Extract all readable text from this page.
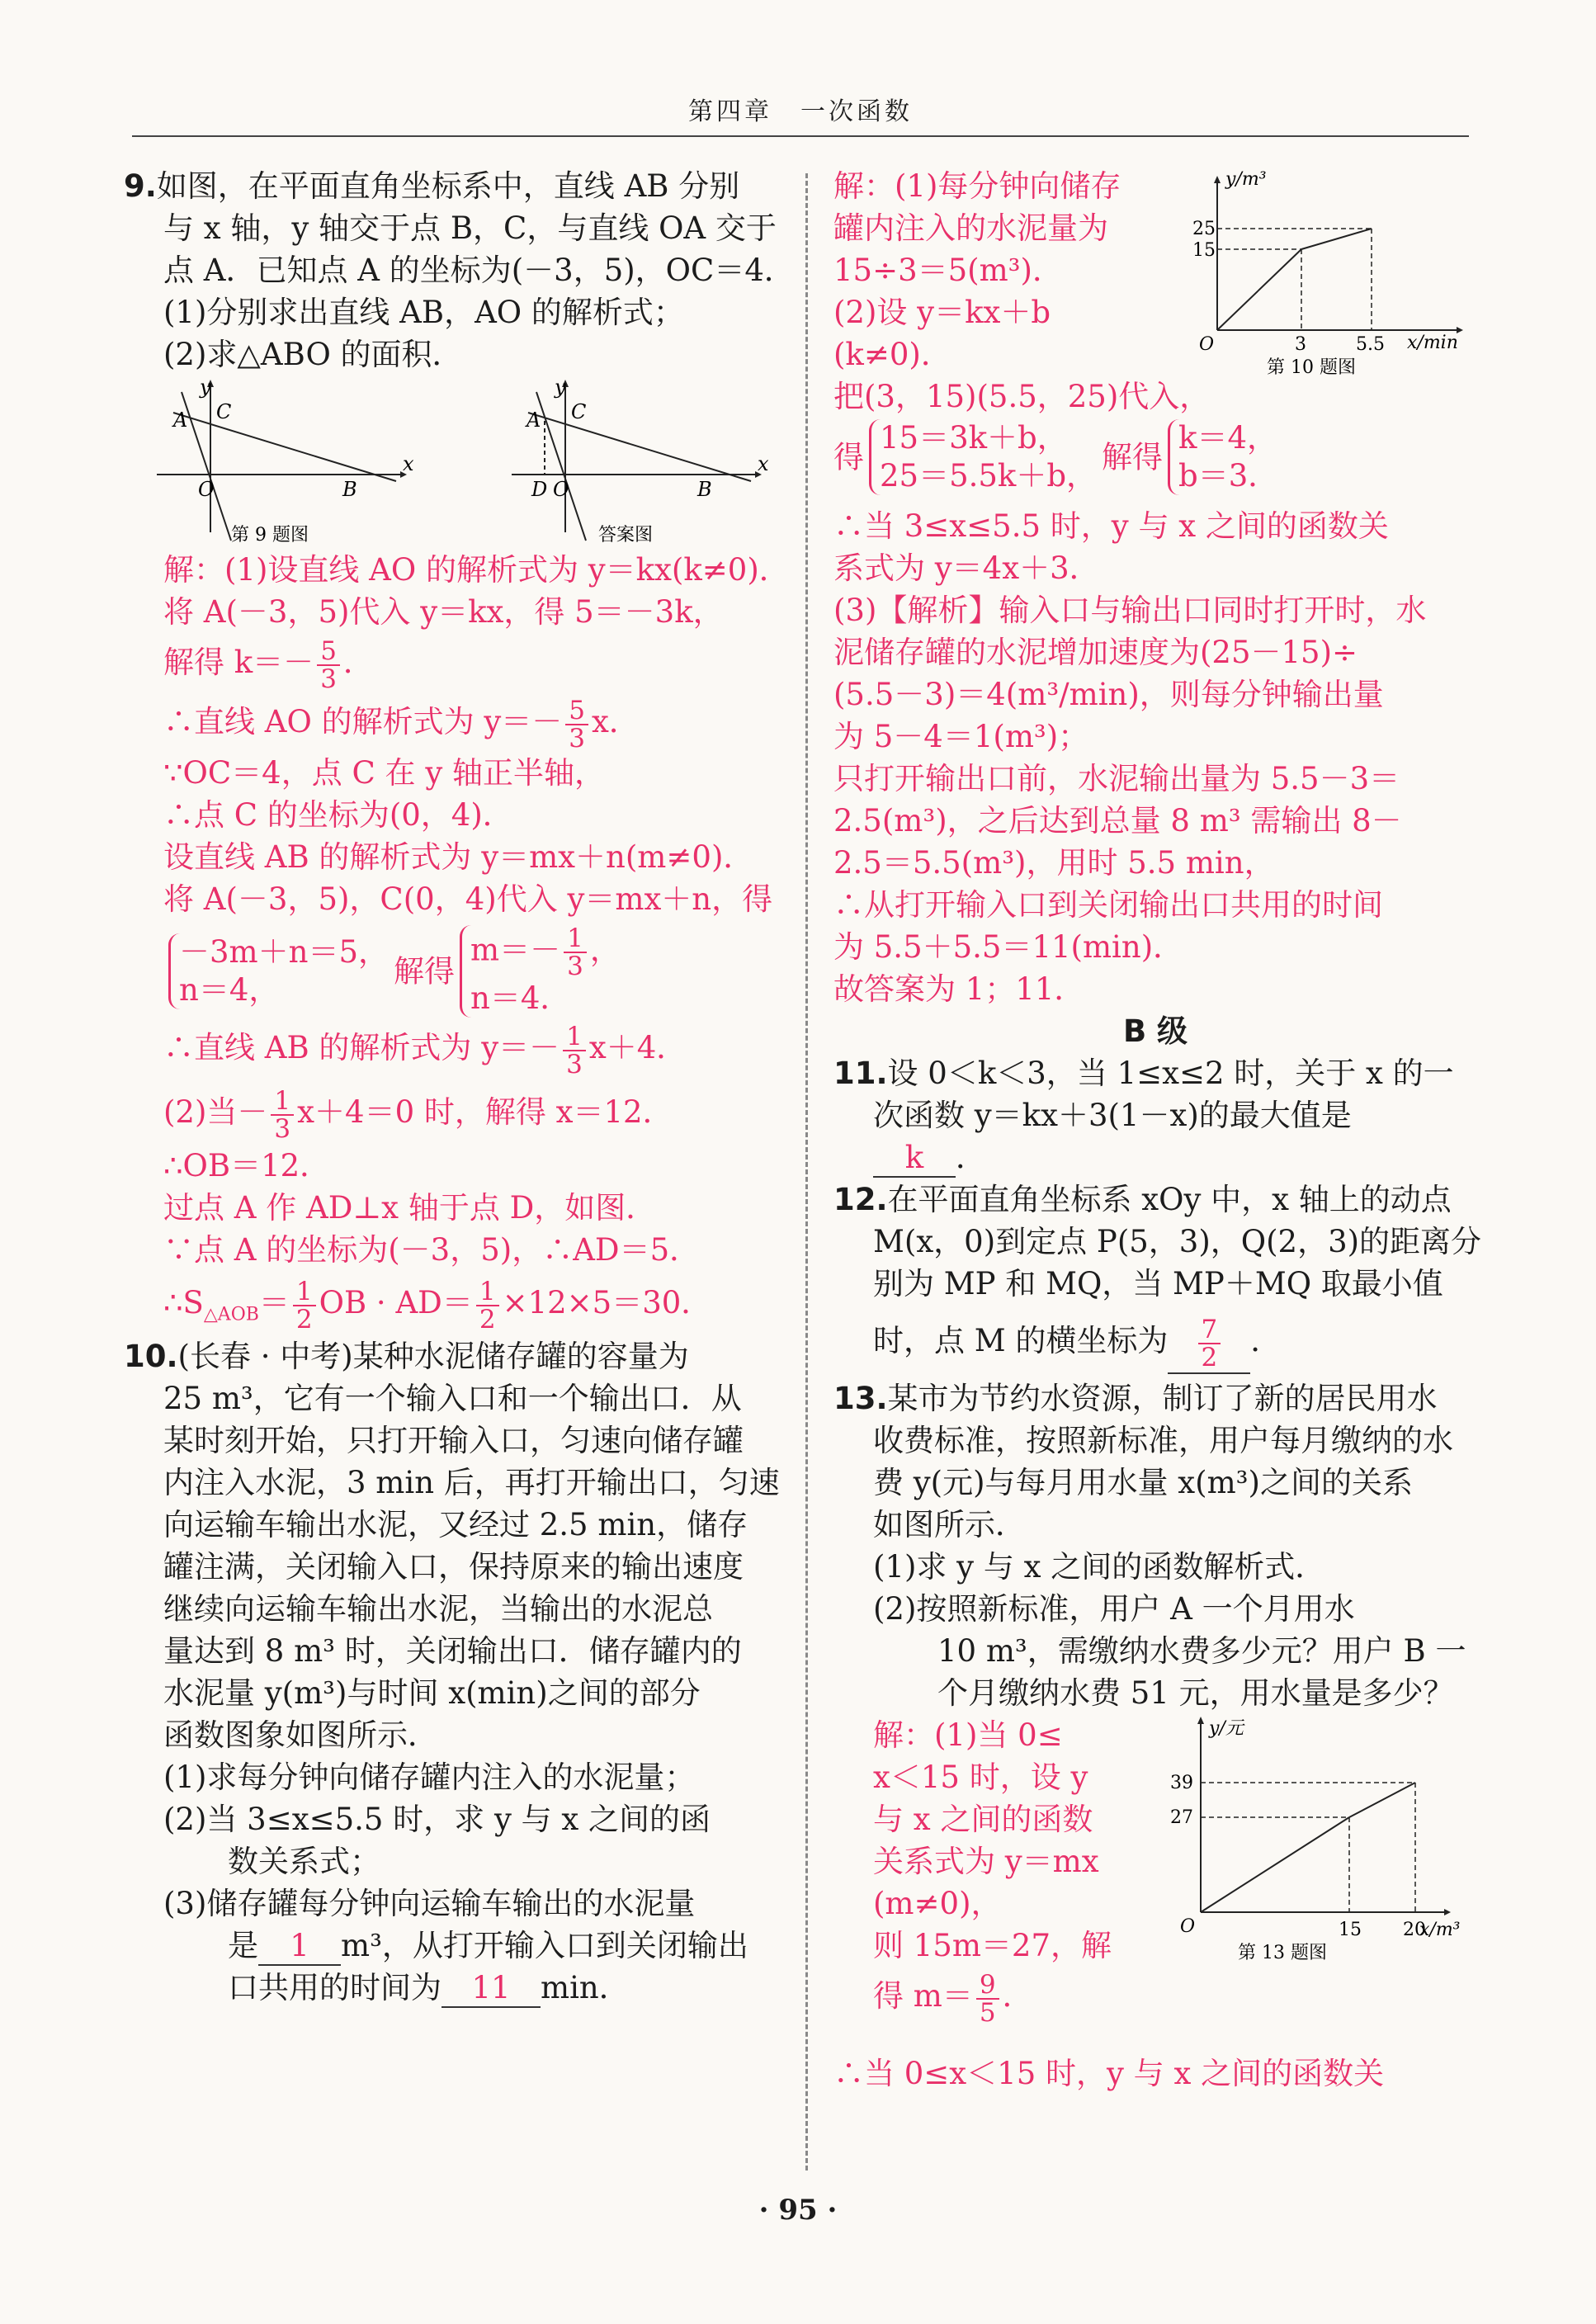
第四章　一次函数
9.如图，在平面直角坐标系中，直线 AB 分别
与 x 轴，y 轴交于点 B，C，与直线 OA 交于
点 A．已知点 A 的坐标为(－3，5)，OC＝4．
(1)分别求出直线 AB，AO 的解析式；
(2)求△ABO 的面积．
y
x
A C
O	B
第 9 题图
y
x
A C
D O	B
答案图
解：(1)设直线 AO 的解析式为 y＝kx(k≠0)．
将 A(－3，5)代入 y＝kx，得 5＝－3k，
解得 $k=- \frac{5}{3}$ ．
∴直线 AO 的解析式为 $y=- \frac{5}{3}$ x．
∵OC＝4，点 C 在 y 轴正半轴，
∴点 C 的坐标为(0，4)．
设直线 AB 的解析式为 y＝mx＋n(m≠0)．
将 A(－3，5)，C(0，4)代入 y＝mx＋n，得
－3m＋n＝5，
n＝4，
解得
$m=- \frac{1}{3}$ ，
n＝4．
∴直线 AB 的解析式为 $y=- \frac{1}{3} x+4$．
(2)当－ $\frac{1}{3} x+4=0$ 时，解得 x＝12．
∴OB＝12．
过点 A 作 AD⊥x 轴于点 D，如图．
∵点 A 的坐标为(－3，5)，∴AD＝5．
$\therefore S_{\triangle AOB}= \frac{1}{2}$ OB · $AD= \frac{1}{2} \times 12\times 5=30$．
10.(长春 · 中考)某种水泥储存罐的容量为
25 m³，它有一个输入口和一个输出口．从
某时刻开始，只打开输入口，匀速向储存罐
内注入水泥，3 min 后，再打开输出口，匀速
向运输车输出水泥，又经过 2.5 min，储存
罐注满，关闭输入口，保持原来的输出速度
继续向运输车输出水泥，当输出的水泥总
量达到 8 m³ 时，关闭输出口．储存罐内的
水泥量 y(m³)与时间 x(min)之间的部分
函数图象如图所示．
(1)求每分钟向储存罐内注入的水泥量；
(2)当 3≤x≤5.5 时，求 y 与 x 之间的函
数关系式；
(3)储存罐每分钟向运输车输出的水泥量
是 1 m³，从打开输入口到关闭输出
口共用的时间为 11 min．
解：(1)每分钟向储存
罐内注入的水泥量为
15÷3＝5(m³)．
(2)设 y＝kx＋b
(k≠0)．
把(3，15)(5.5，25)代入，
得
15＝3k＋b，
25＝5.5k＋b，
解得
k＝4，
b＝3．
∴当 3≤x≤5.5 时，y 与 x 之间的函数关
系式为 y＝4x＋3．
(3)【解析】输入口与输出口同时打开时，水
泥储存罐的水泥增加速度为(25－15)÷
(5.5－3)＝4(m³/min)，则每分钟输出量
为 5－4＝1(m³)；
只打开输出口前，水泥输出量为 5.5－3＝
2.5(m³)，之后达到总量 8 m³ 需输出 8－
2.5＝5.5(m³)，用时 5.5 min，
∴从打开输入口到关闭输出口共用的时间
为 5.5＋5.5＝11(min)．
故答案为 1；11．
y/m³
x/min
25
15
3	5.5
O
第 10 题图
B 级
11.设 0＜k＜3，当 1≤x≤2 时，关于 x 的一
次函数 y＝kx＋3(1－x)的最大值是
k ．
12.在平面直角坐标系 xOy 中，x 轴上的动点
M(x，0)到定点 P(5，3)，Q(2，3)的距离分
别为 MP 和 MQ，当 MP＋MQ 取最小值
时，点 M 的横坐标为 $\frac{7}{2}$ ．
13.某市为节约水资源，制订了新的居民用水
收费标准，按照新标准，用户每月缴纳的水
费 y(元)与每月用水量 x(m³)之间的关系
如图所示．
(1)求 y 与 x 之间的函数解析式．
(2)按照新标准，用户 A 一个月用水
10 m³，需缴纳水费多少元？用户 B 一
个月缴纳水费 51 元，用水量是多少？
解：(1)当 0≤
x＜15 时，设 y
与 x 之间的函数
关系式为 y＝mx
(m≠0)，
则 15m＝27，解
得 $m= \frac{9}{5}$ ．
y/元
x/m³
39
27
15 20
O
第 13 题图
∴当 0≤x＜15 时，y 与 x 之间的函数关
· 95 ·
